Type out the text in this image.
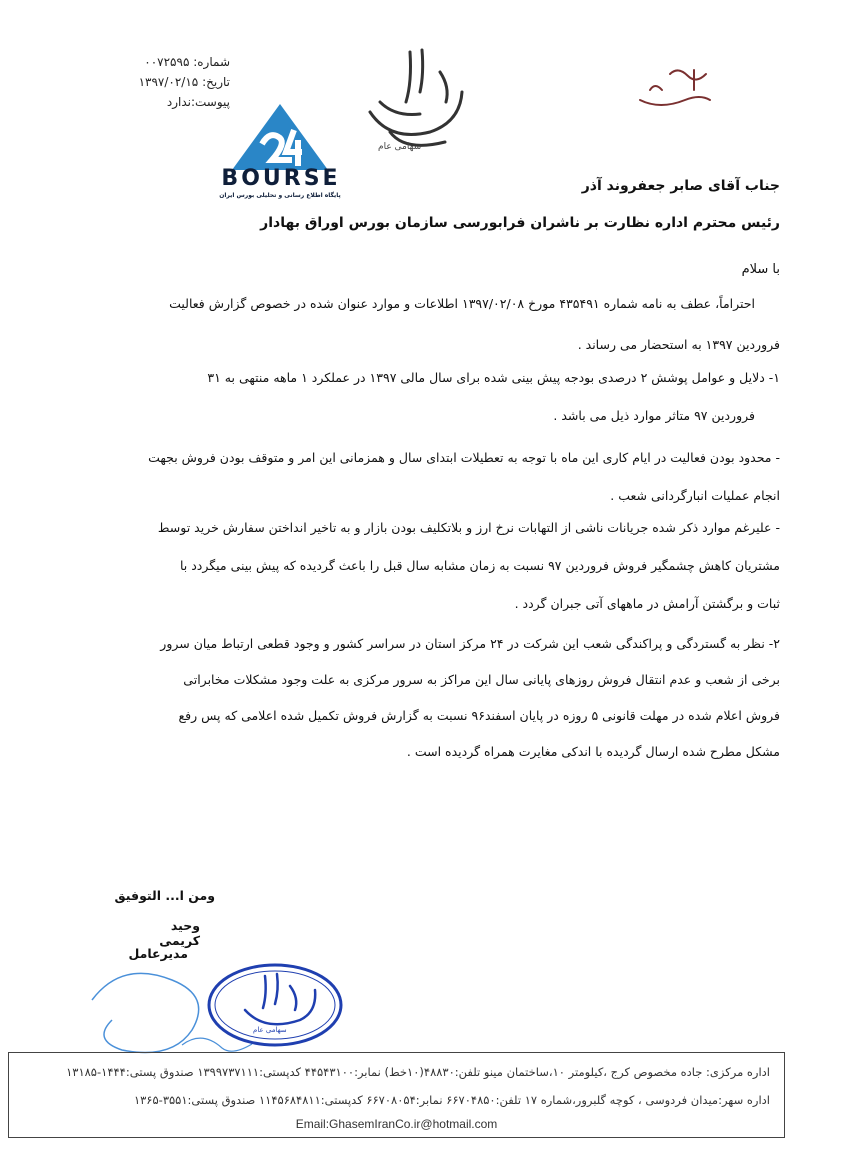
شماره: ۰۰۷۲۵۹۵
تاریخ: ۱۳۹۷/۰۲/۱۵
پیوست:ندارد
BOURSE
پایگاه اطلاع رسانی و تحلیلی بورس ایران
سهامی عام
جناب آقای صابر جعفروند آذر
رئیس محترم اداره نظارت بر ناشران فرابورسی سازمان بورس اوراق بهادار
با سلام
احتراماً، عطف به نامه شماره ۴۳۵۴۹۱ مورخ ۱۳۹۷/۰۲/۰۸ اطلاعات و موارد عنوان شده در خصوص گزارش فعالیت
فروردین ۱۳۹۷ به استحضار می رساند .
۱- دلایل و عوامل پوشش ۲ درصدی بودجه پیش بینی شده برای سال مالی ۱۳۹۷ در عملکرد ۱ ماهه منتهی به ۳۱
فروردین ۹۷ متاثر موارد ذیل می باشد .
- محدود بودن فعالیت در ایام کاری این ماه با توجه به تعطیلات ابتدای سال و همزمانی این امر و متوقف بودن فروش بجهت
انجام عملیات انبارگردانی شعب .
- علیرغم موارد ذکر شده جریانات ناشی از التهابات نرخ ارز و بلاتکلیف بودن بازار و به تاخیر انداختن سفارش خرید توسط
مشتریان کاهش چشمگیر فروش فروردین ۹۷ نسبت به زمان مشابه سال قبل را باعث گردیده که پیش بینی میگردد با
ثبات و برگشتن آرامش در ماههای آتی جبران گردد .
۲- نظر به گستردگی و پراکندگی شعب این شرکت در ۲۴ مرکز استان در سراسر کشور و وجود قطعی ارتباط میان سرور
برخی از شعب و عدم انتقال فروش روزهای پایانی سال این مراکز به سرور مرکزی به علت وجود مشکلات مخابراتی
فروش اعلام شده در مهلت قانونی ۵ روزه در پایان اسفند۹۶ نسبت به گزارش فروش تکمیل شده اعلامی که پس رفع
مشکل مطرح شده ارسال گردیده با اندکی مغایرت همراه گردیده است .
ومن ا... التوفیق
وحید کریمی
مدیرعامل
سهامی عام
اداره مرکزی: جاده مخصوص کرج ،کیلومتر ۱۰،ساختمان مینو تلفن:۴۸۸۳۰(۱۰خط) نمابر:۴۴۵۴۳۱۰۰ کدپستی:۱۳۹۹۷۳۷۱۱۱ صندوق پستی:۱۴۴۴-۱۳۱۸۵
اداره سهر:میدان فردوسی ، کوچه گلبرور،شماره ۱۷ تلفن:۶۶۷۰۴۸۵۰ نمابر:۶۶۷۰۸۰۵۴ کدپستی:۱۱۴۵۶۸۴۸۱۱ صندوق پستی:۳۵۵۱-۱۳۶۵
Email:GhasemIranCo.ir@hotmail.com
